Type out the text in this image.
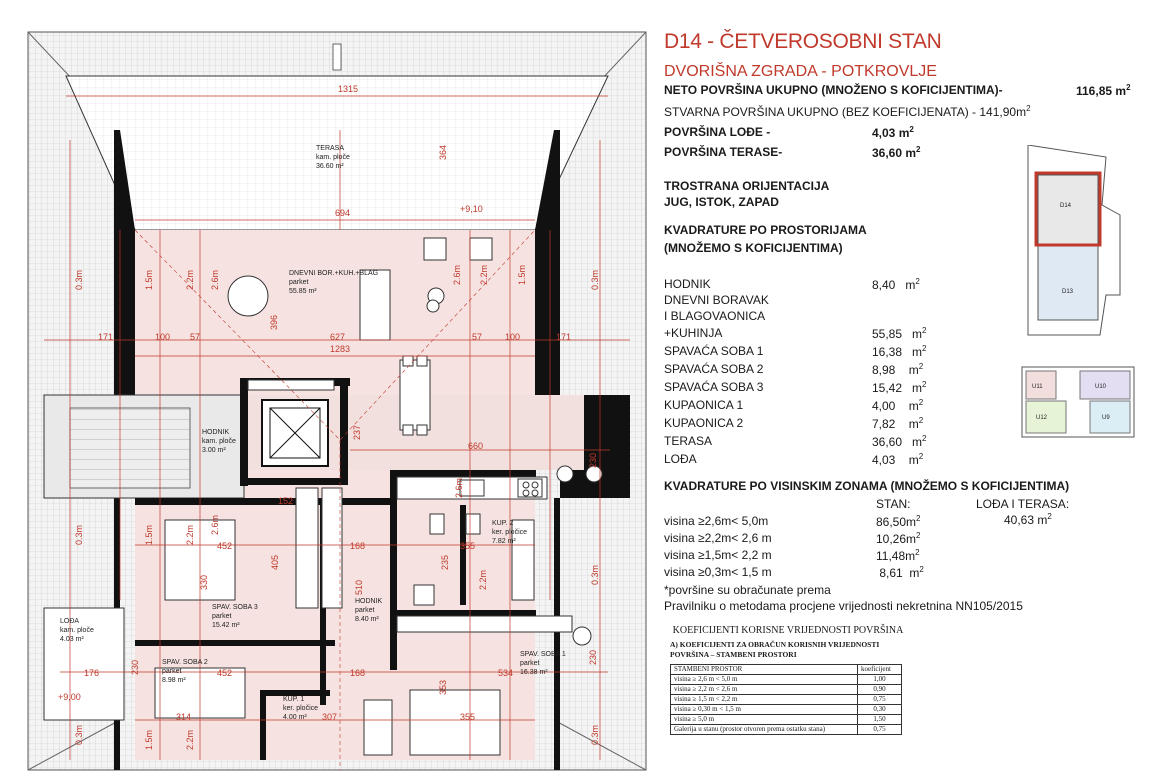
1315
694	+9,10
1283
627
660
171	171
100	100
57	57
452
452
168
168
355
355
534
307
314
176
152
+9,00
364
396
237
405
330	510
235
353
230
230
230
0.3m	0.3m
0.3m
0.3m
0.3m	0.3m
1.5m	1.5m
1.5m
1.5m
2.2m	2.2m
2.2m
2.2m
2.2m
2.6m	2.6m
2.6m
2.6m
TERASA
kam. ploče
36.60 m²
DNEVNI BOR.+KUH.+BLAG
parket
55.85 m²
HODNIK
kam. ploče
3.00 m²
KUP. 2
ker. pločice
7.82 m²
SPAV. SOBA 3
parket
15.42 m²
HODNIK
parket
8.40 m²
LOĐA
kam. ploče
4.03 m²
SPAV. SOBA 2
parket
8.98 m²
SPAV. SOBA 1
parket
16.38 m²
KUP. 1
ker. pločice
4.00 m²
D14 - ČETVEROSOBNI STAN
DVORIŠNA ZGRADA - POTKROVLJE
NETO POVRŠINA UKUPNO (MNOŽENO S KOFICIJENTIMA)-	116,85 $m^2$
STVARNA POVRŠINA UKUPNO (BEZ KOEFICIJENATA) - $141,90m^2$
POVRŠINA LOĐE -	4,03 $m^2$
POVRŠINA TERASE-	36,60 $m^2$
TROSTRANA ORIJENTACIJA
JUG, ISTOK, ZAPAD
KVADRATURE PO PROSTORIJAMA
(MNOŽEMO S KOFICIJENTIMA)
HODNIK	8,40   $m^2$
DNEVNI BORAVAK
I BLAGOVAONICA
+KUHINJA	55,85   $m^2$
SPAVAĆA SOBA 1	16,38   $m^2$
SPAVAĆA SOBA 2	8,98    $m^2$
SPAVAĆA SOBA 3	15,42   $m^2$
KUPAONICA 1	4,00    $m^2$
KUPAONICA 2	7,82    $m^2$
TERASA	36,60   $m^2$
LOĐA	4,03    $m^2$
KVADRATURE PO VISINSKIM ZONAMA (MNOŽEMO S KOFICIJENTIMA)
STAN:	LOĐA I TERASA:
40,63 $m^2$
visina ≥2,6m< 5,0m	$86,50m^2$
visina ≥2,2m< 2,6 m	$10,26m^2$
visina ≥1,5m< 2,2 m	$11,48m^2$
visina ≥0,3m< 1,5 m	8,61  $m^2$
*površine su obračunate prema
Pravilniku o metodama procjene vrijednosti nekretnina NN105/2015
KOEFICIJENTI KORISNE VRIJEDNOSTI POVRŠINA
A) KOEFICIJENTI ZA OBRAČUN KORISNIH VRIJEDNOSTI POVRŠINA – STAMBENI PROSTORI
STAMBENI PROSTOR	koeficijent
visina ≥ 2,6 m < 5,0 m	1,00
visina ≥ 2,2 m < 2,6 m	0,90
visina ≥ 1,5 m < 2,2 m	0,75
visina ≥ 0,30 m < 1,5 m	0,30
visina ≥ 5,0 m	1,50
Galerija u stanu (prostor otvoren prema ostatku stana)	0,75
D14
D13
U11	U10
U12	U9
